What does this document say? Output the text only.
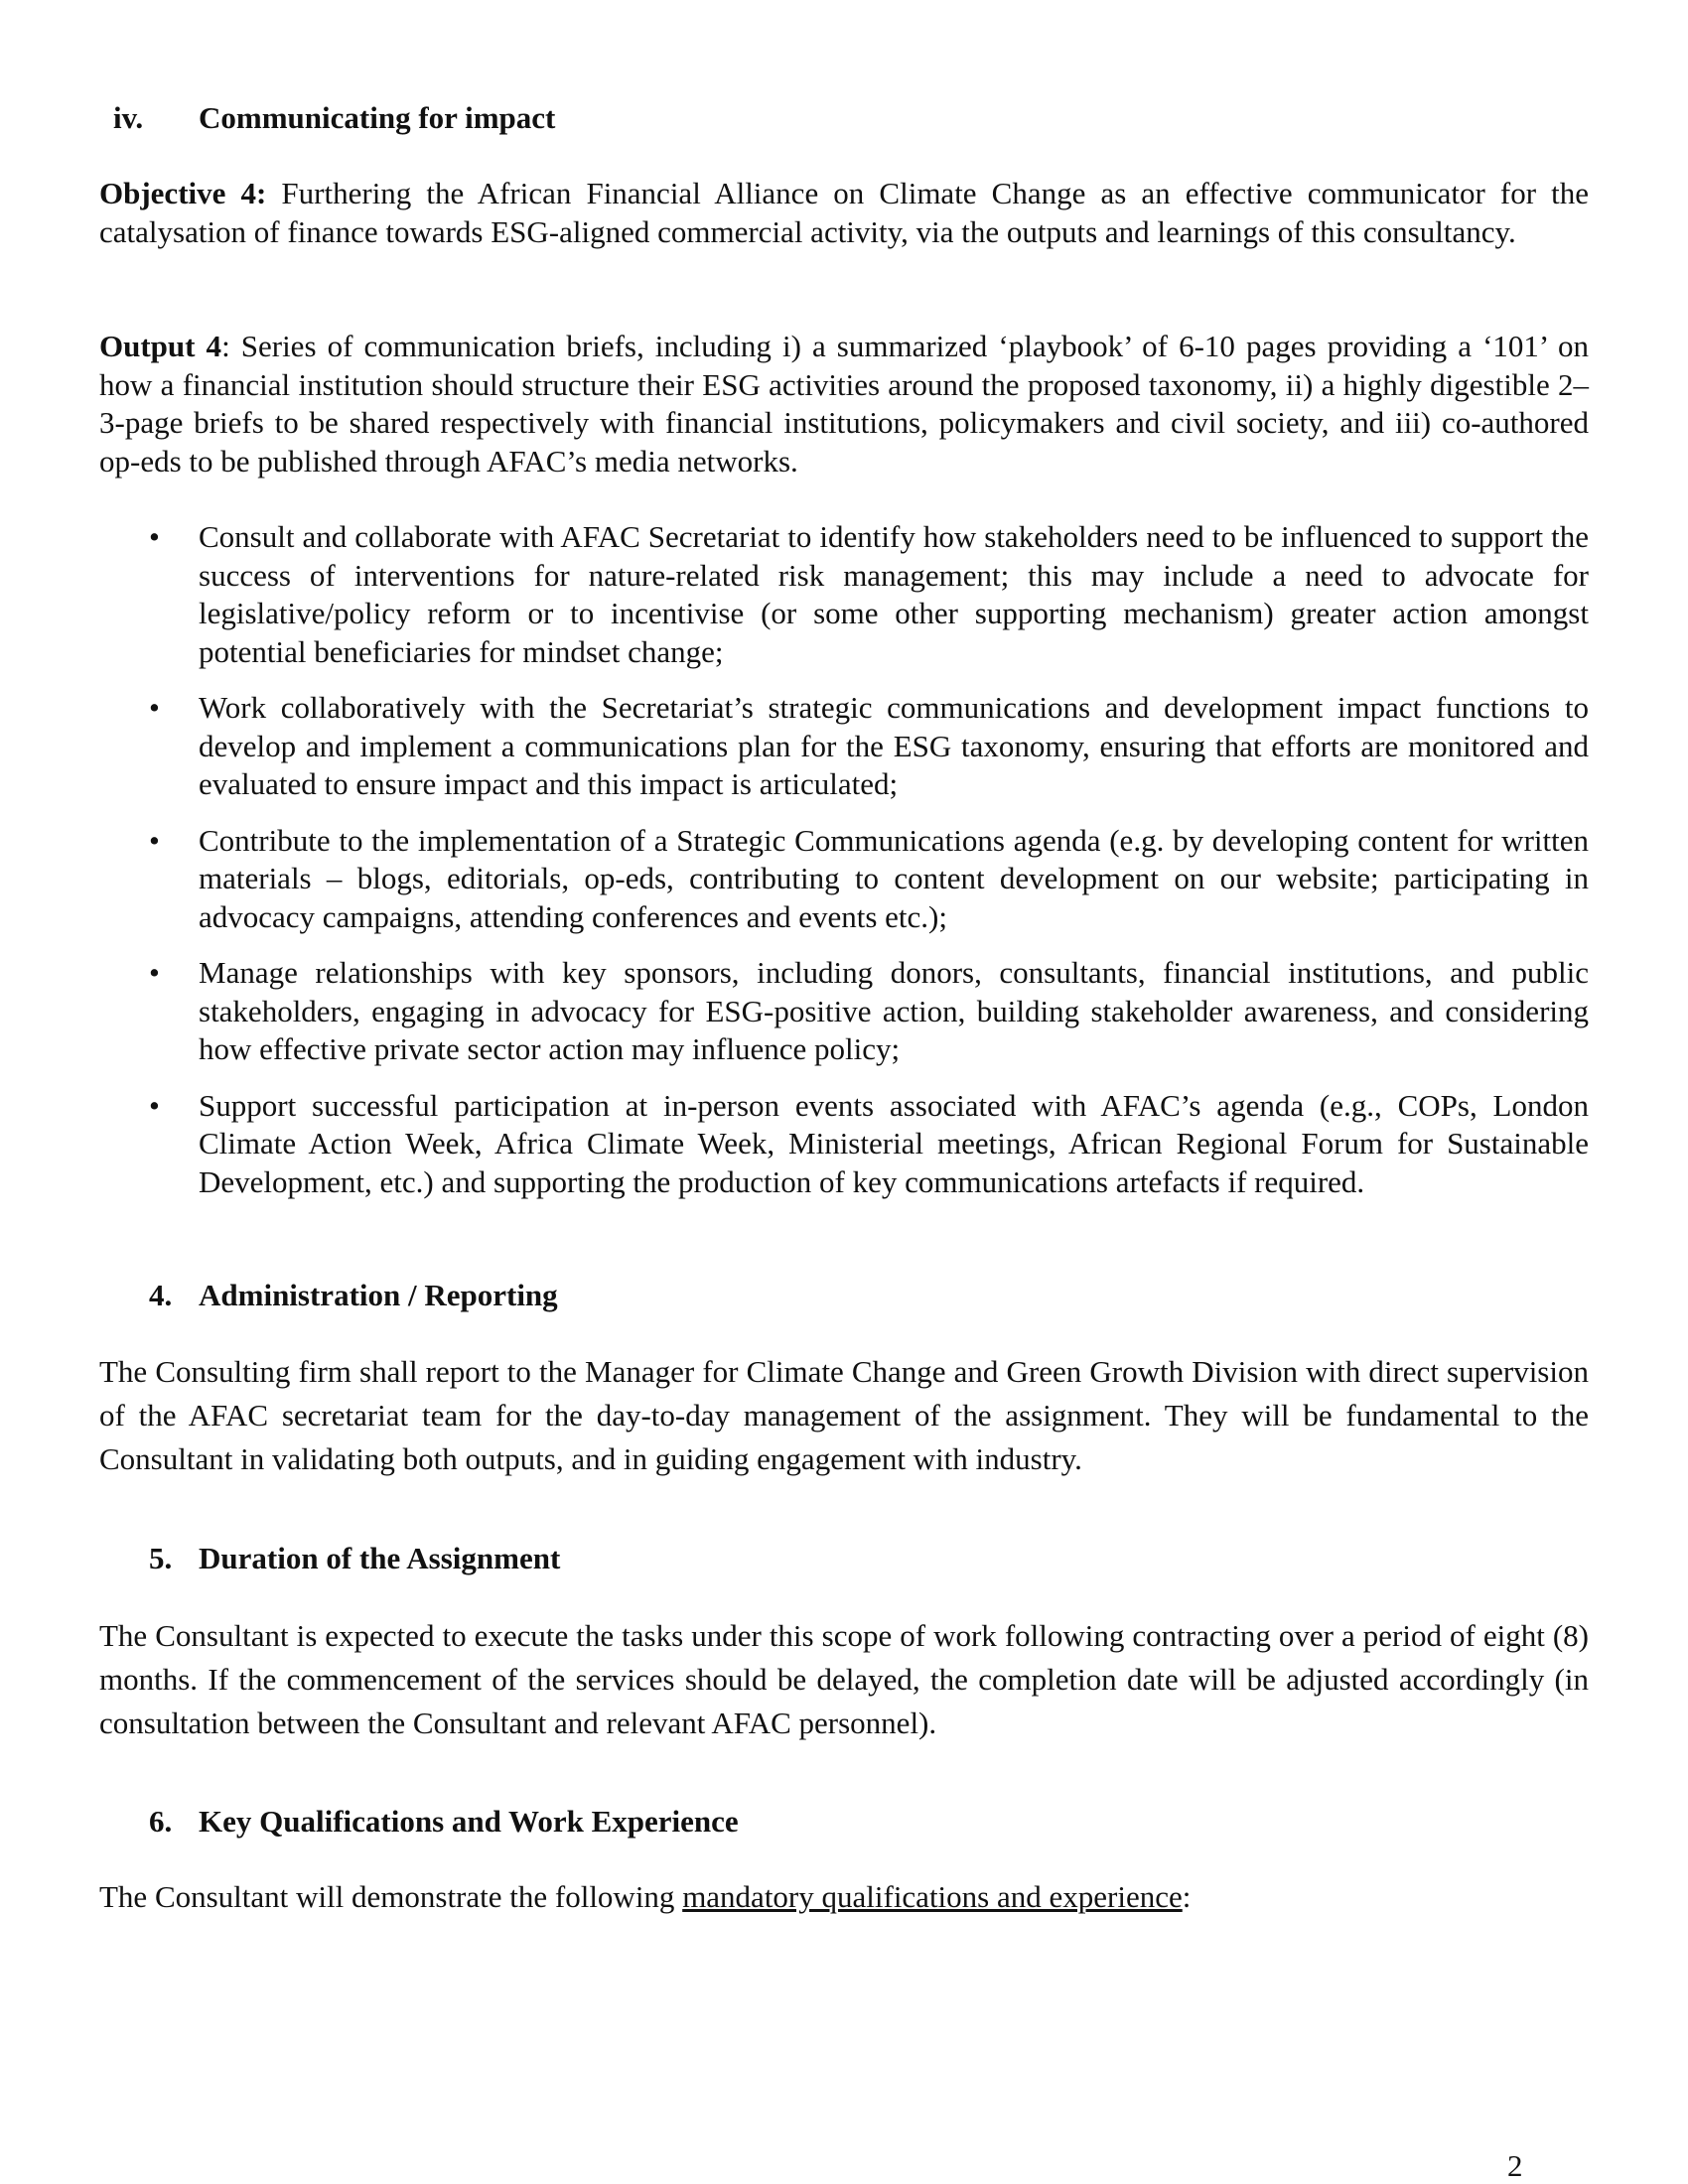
iv. Communicating for impact

Objective 4: Furthering the African Financial Alliance on Climate Change as an effective communicator for the catalysation of finance towards ESG-aligned commercial activity, via the outputs and learnings of this consultancy.

Output 4: Series of communication briefs, including i) a summarized ‘playbook’ of 6-10 pages providing a ‘101’ on how a financial institution should structure their ESG activities around the proposed taxonomy, ii) a highly digestible 2–3-page briefs to be shared respectively with financial institutions, policymakers and civil society, and iii) co-authored op-eds to be published through AFAC’s media networks.

• Consult and collaborate with AFAC Secretariat to identify how stakeholders need to be influenced to support the success of interventions for nature-related risk management; this may include a need to advocate for legislative/policy reform or to incentivise (or some other supporting mechanism) greater action amongst potential beneficiaries for mindset change;
• Work collaboratively with the Secretariat’s strategic communications and development impact functions to develop and implement a communications plan for the ESG taxonomy, ensuring that efforts are monitored and evaluated to ensure impact and this impact is articulated;
• Contribute to the implementation of a Strategic Communications agenda (e.g. by developing content for written materials – blogs, editorials, op-eds, contributing to content development on our website; participating in advocacy campaigns, attending conferences and events etc.);
• Manage relationships with key sponsors, including donors, consultants, financial institutions, and public stakeholders, engaging in advocacy for ESG-positive action, building stakeholder awareness, and considering how effective private sector action may influence policy;
• Support successful participation at in-person events associated with AFAC’s agenda (e.g., COPs, London Climate Action Week, Africa Climate Week, Ministerial meetings, African Regional Forum for Sustainable Development, etc.) and supporting the production of key communications artefacts if required.
4. Administration / Reporting

The Consulting firm shall report to the Manager for Climate Change and Green Growth Division with direct supervision of the AFAC secretariat team for the day-to-day management of the assignment. They will be fundamental to the Consultant in validating both outputs, and in guiding engagement with industry.

5. Duration of the Assignment

The Consultant is expected to execute the tasks under this scope of work following contracting over a period of eight (8) months. If the commencement of the services should be delayed, the completion date will be adjusted accordingly (in consultation between the Consultant and relevant AFAC personnel).

6. Key Qualifications and Work Experience

The Consultant will demonstrate the following mandatory qualifications and experience:

2
